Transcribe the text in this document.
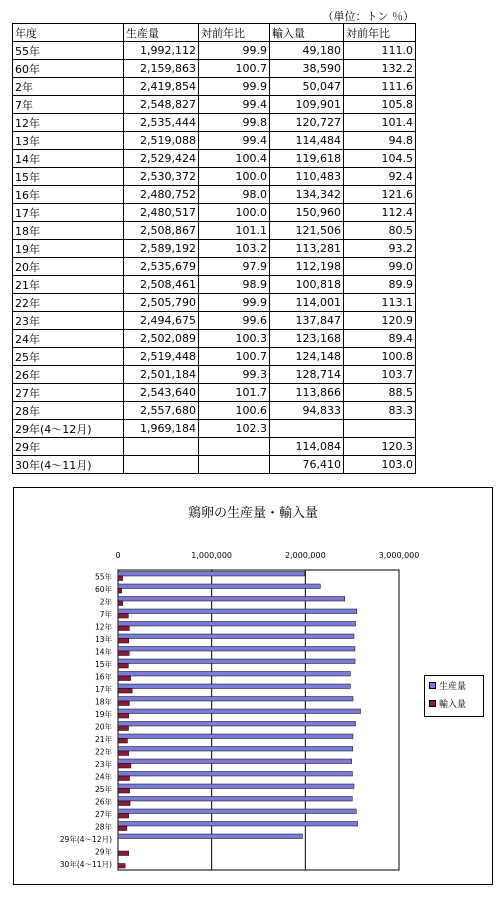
（単位：トン ％）
年度	生産量	対前年比	輸入量	対前年比
55年	1,992,112	99.9	49,180	111.0
60年	2,159,863	100.7	38,590	132.2
2年	2,419,854	99.9	50,047	111.6
7年	2,548,827	99.4	109,901	105.8
12年	2,535,444	99.8	120,727	101.4
13年	2,519,088	99.4	114,484	94.8
14年	2,529,424	100.4	119,618	104.5
15年	2,530,372	100.0	110,483	92.4
16年	2,480,752	98.0	134,342	121.6
17年	2,480,517	100.0	150,960	112.4
18年	2,508,867	101.1	121,506	80.5
19年	2,589,192	103.2	113,281	93.2
20年	2,535,679	97.9	112,198	99.0
21年	2,508,461	98.9	100,818	89.9
22年	2,505,790	99.9	114,001	113.1
23年	2,494,675	99.6	137,847	120.9
24年	2,502,089	100.3	123,168	89.4
25年	2,519,448	100.7	124,148	100.8
26年	2,501,184	99.3	128,714	103.7
27年	2,543,640	101.7	113,866	88.5
28年	2,557,680	100.6	94,833	83.3
29年(4～12月)	1,969,184	102.3		
29年			114,084	120.3
30年(4～11月)			76,410	103.0
鶏卵の生産量・輸入量
0	1,000,000	2,000,000	3,000,000
55年
60年
2年
7年
12年
13年
14年
15年
16年
17年
18年
19年
20年
21年
22年
23年
24年
25年
26年
27年
28年
29年(4～12月)
29年
30年(4～11月)
生産量
輸入量
